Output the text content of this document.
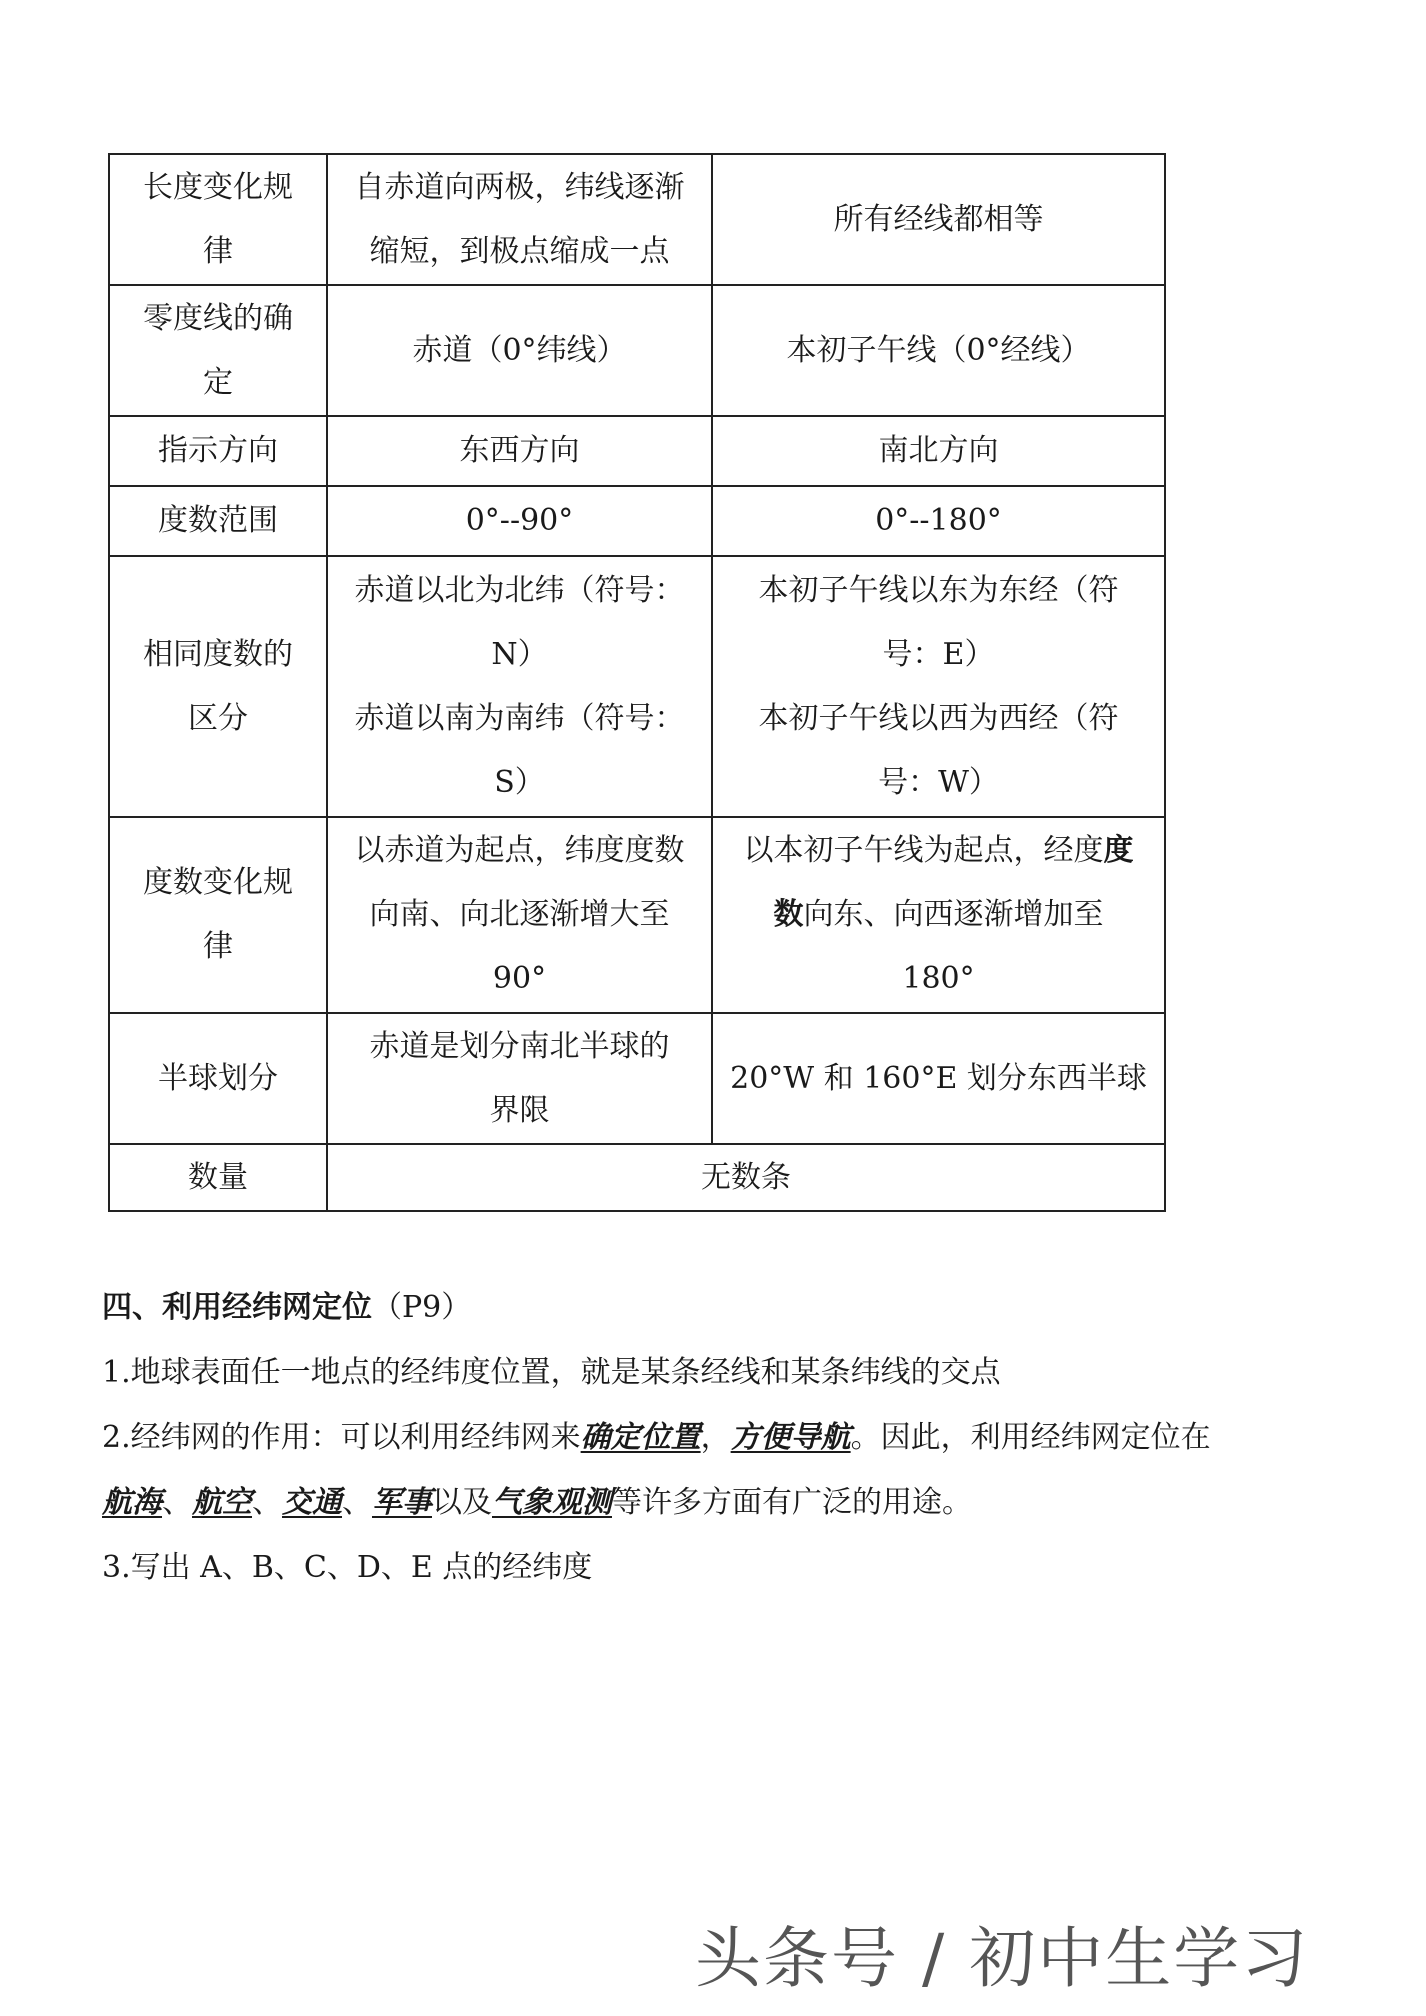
长度变化规
律	自赤道向两极，纬线逐渐
缩短，到极点缩成一点	所有经线都相等

零度线的确
定	赤道（0°纬线）	本初子午线（0°经线）

指示方向	东西方向	南北方向

度数范围	0°--90°	0°--180°

相同度数的
区分	赤道以北为北纬（符号：
N）
赤道以南为南纬（符号：
S）	本初子午线以东为东经（符
号：E）
本初子午线以西为西经（符
号：W）

度数变化规
律	以赤道为起点，纬度度数
向南、向北逐渐增大至
90°	以本初子午线为起点，经度度
数向东、向西逐渐增加至
180°

半球划分	赤道是划分南北半球的
界限	20°W 和 160°E 划分东西半球

数量	无数条	
四、利用经纬网定位（P9）
1.地球表面任一地点的经纬度位置，就是某条经线和某条纬线的交点
2.经纬网的作用：可以利用经纬网来确定位置，方便导航。因此，利用经纬网定位在
航海、航空、交通、军事以及气象观测等许多方面有广泛的用途。
3.写出 A、B、C、D、E 点的经纬度
头条号 / 初中生学习
